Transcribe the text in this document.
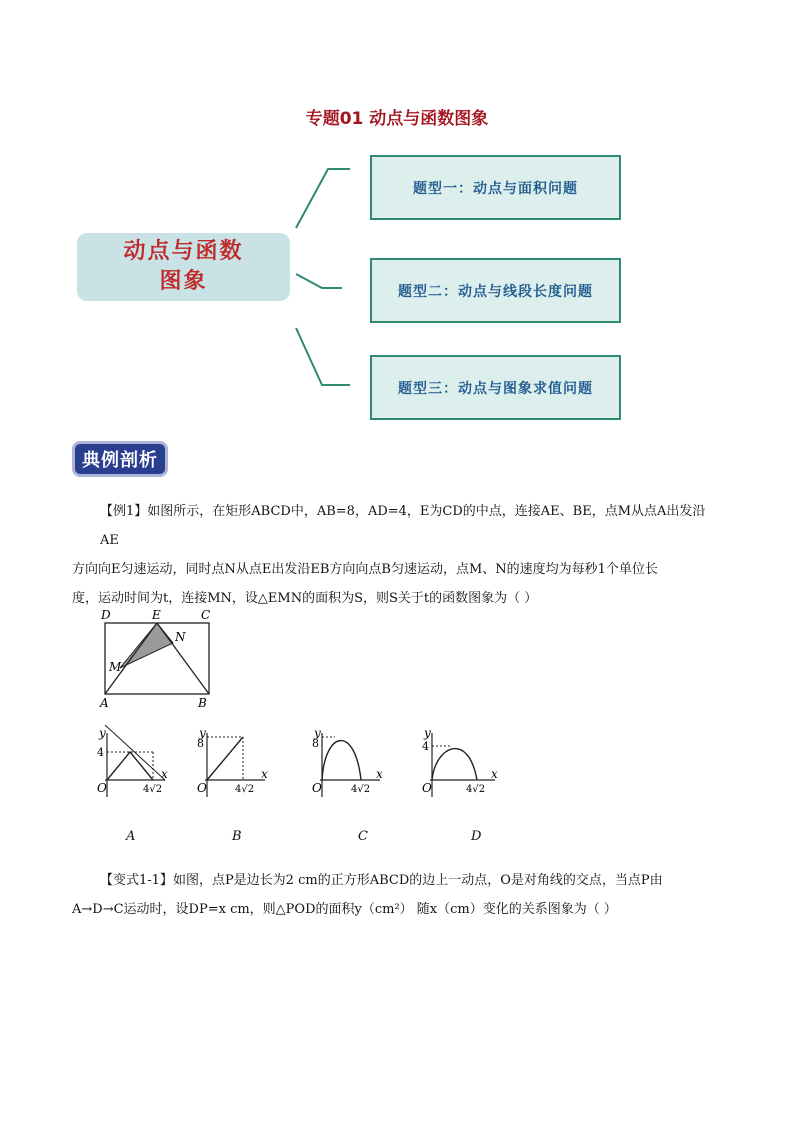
专题01 动点与函数图象
动点与函数
图象
题型一：动点与面积问题
题型二：动点与线段长度问题
题型三：动点与图象求值问题
典例剖析
【例1】如图所示，在矩形ABCD中，AB=8，AD=4，E为CD的中点，连接AE、BE，点M从点A出发沿AE
方向向E匀速运动，同时点N从点E出发沿EB方向向点B匀速运动，点M、N的速度均为每秒1个单位长
度，运动时间为t，连接MN，设△EMN的面积为S，则S关于t的函数图象为（ ）
D	E	C
N
M
A	B
y
4
O	4√2
x
y
8
O	4√2
x
y
8
O	4√2
x
y
4
O	4√2
x
A	B	C	D
【变式1-1】如图，点P是边长为2 cm的正方形ABCD的边上一动点，O是对角线的交点，当点P由
A→D→C运动时，设DP=x cm，则△POD的面积y（cm²） 随x（cm）变化的关系图象为（ ）
